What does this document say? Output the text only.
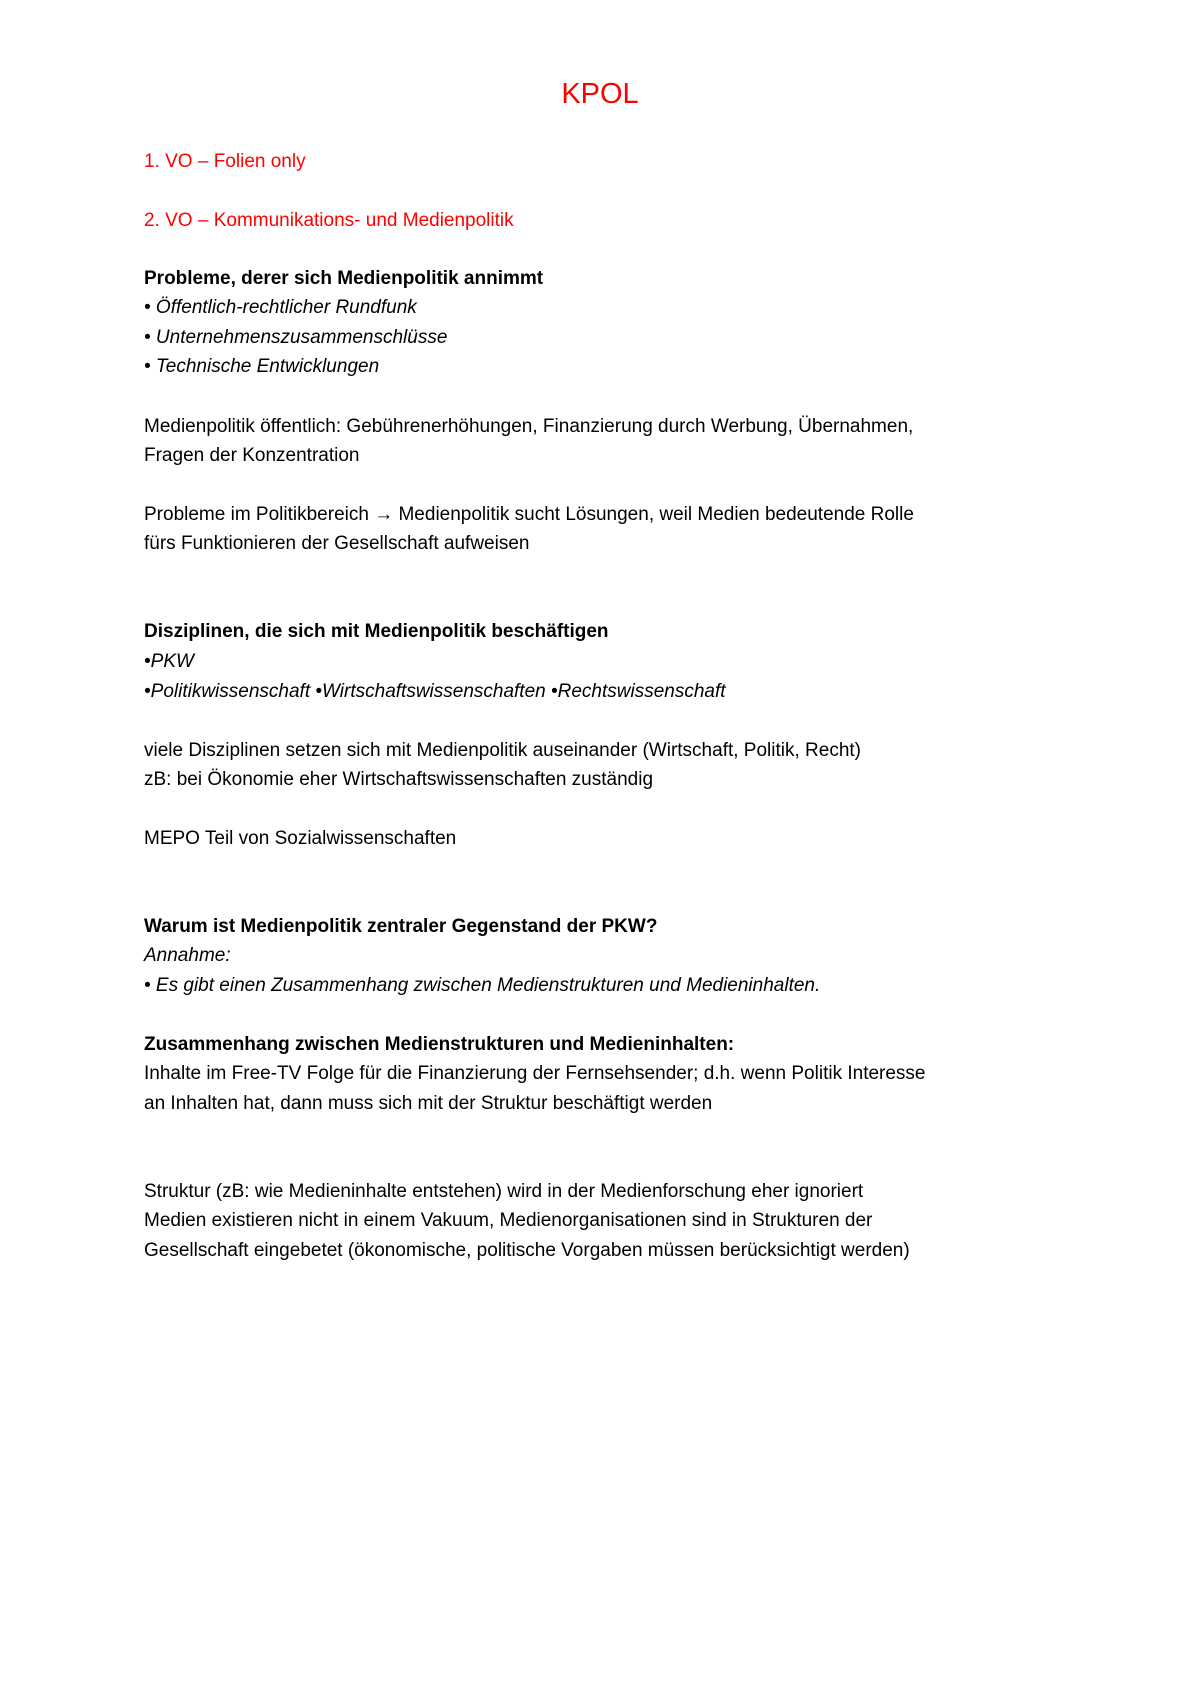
KPOL
1. VO – Folien only
2. VO – Kommunikations- und Medienpolitik
Probleme, derer sich Medienpolitik annimmt
• Öffentlich-rechtlicher Rundfunk
• Unternehmenszusammenschlüsse
• Technische Entwicklungen
Medienpolitik öffentlich: Gebührenerhöhungen, Finanzierung durch Werbung, Übernahmen,
Fragen der Konzentration
Probleme im Politikbereich → Medienpolitik sucht Lösungen, weil Medien bedeutende Rolle
fürs Funktionieren der Gesellschaft aufweisen
Disziplinen, die sich mit Medienpolitik beschäftigen
•PKW
•Politikwissenschaft •Wirtschaftswissenschaften •Rechtswissenschaft
viele Disziplinen setzen sich mit Medienpolitik auseinander (Wirtschaft, Politik, Recht)
zB: bei Ökonomie eher Wirtschaftswissenschaften zuständig
MEPO Teil von Sozialwissenschaften
Warum ist Medienpolitik zentraler Gegenstand der PKW?
Annahme:
• Es gibt einen Zusammenhang zwischen Medienstrukturen und Medieninhalten.
Zusammenhang zwischen Medienstrukturen und Medieninhalten:
Inhalte im Free-TV Folge für die Finanzierung der Fernsehsender; d.h. wenn Politik Interesse
an Inhalten hat, dann muss sich mit der Struktur beschäftigt werden
Struktur (zB: wie Medieninhalte entstehen) wird in der Medienforschung eher ignoriert
Medien existieren nicht in einem Vakuum, Medienorganisationen sind in Strukturen der
Gesellschaft eingebetet (ökonomische, politische Vorgaben müssen berücksichtigt werden)
